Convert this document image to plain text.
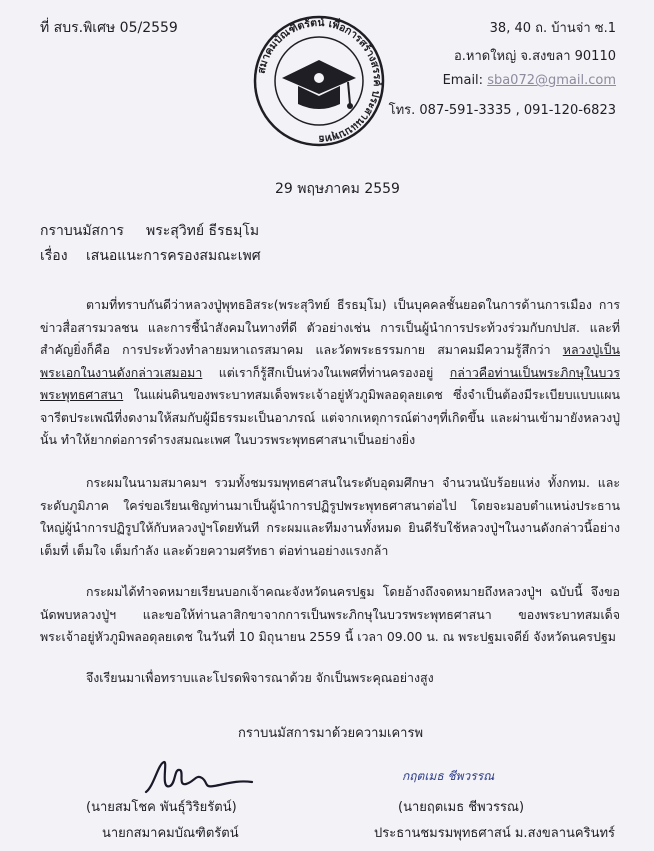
ที่ สบร.พิเศษ 05/2559
สมาคมบัณฑิตรัตน์ เพื่อการสร้างสรรค์ ประสานแบบพุทธ
38, 40 ถ. บ้านจ่า ซ.1
อ.หาดใหญ่ จ.สงขลา 90110
Email: sba072@gmail.com
โทร. 087-591-3335 , 091-120-6823
29 พฤษภาคม 2559
กราบนมัสการ พระสุวิทย์ ธีรธมฺโม
เรื่อง เสนอแนะการครองสมณะเพศ
ตามที่ทราบกันดีว่าหลวงปู่พุทธอิสระ(พระสุวิทย์ ธีรธมฺโม) เป็นบุคคลชั้นยอดในการด้านการเมือง การข่าวสื่อสารมวลชน และการชี้นำสังคมในทางที่ดี ตัวอย่างเช่น การเป็นผู้นำการประท้วงร่วมกับกปปส. และที่สำคัญยิ่งก็คือ การประท้วงทำลายมหาเถรสมาคม และวัดพระธรรมกาย สมาคมมีความรู้สึกว่า หลวงปู่เป็นพระเอกในงานดังกล่าวเสมอมา แต่เราก็รู้สึกเป็นห่วงในเพศที่ท่านครองอยู่ กล่าวคือท่านเป็นพระภิกษุในบวรพระพุทธศาสนา ในแผ่นดินของพระบาทสมเด็จพระเจ้าอยู่หัวภูมิพลอดุลยเดช ซึ่งจำเป็นต้องมีระเบียบแบบแผน จารีตประเพณีที่งดงามให้สมกับผู้มีธรรมะเป็นอาภรณ์ แต่จากเหตุการณ์ต่างๆที่เกิดขึ้น และผ่านเข้ามายังหลวงปู่นั้น ทำให้ยากต่อการดำรงสมณะเพศ ในบวรพระพุทธศาสนาเป็นอย่างยิ่ง
กระผมในนามสมาคมฯ รวมทั้งชมรมพุทธศาสนในระดับอุดมศึกษา จำนวนนับร้อยแห่ง ทั้งกทม. และระดับภูมิภาค ใคร่ขอเรียนเชิญท่านมาเป็นผู้นำการปฏิรูปพระพุทธศาสนาต่อไป โดยจะมอบตำแหน่งประธานใหญ่ผู้นำการปฏิรูปให้กับหลวงปู่ฯโดยทันที กระผมและทีมงานทั้งหมด ยินดีรับใช้หลวงปู่ฯในงานดังกล่าวนี้อย่างเต็มที่ เต็มใจ เต็มกำลัง และด้วยความศรัทธา ต่อท่านอย่างแรงกล้า
กระผมได้ทำจดหมายเรียนบอกเจ้าคณะจังหวัดนครปฐม โดยอ้างถึงจดหมายถึงหลวงปู่ฯ ฉบับนี้ จึงขอนัดพบหลวงปู่ฯ และขอให้ท่านลาสิกขาจากการเป็นพระภิกษุในบวรพระพุทธศาสนา ของพระบาทสมเด็จพระเจ้าอยู่หัวภูมิพลอดุลยเดช ในวันที่ 10 มิถุนายน 2559 นี้ เวลา 09.00 น. ณ พระปฐมเจดีย์ จังหวัดนครปฐม
จึงเรียนมาเพื่อทราบและโปรดพิจารณาด้วย จักเป็นพระคุณอย่างสูง
กราบนมัสการมาด้วยความเคารพ
กฤตเมธ ชีพวรรณ
(นายสมโชค พันธุ์วิริยรัตน์)	(นายฤตเมธ ชีพวรรณ)
นายกสมาคมบัณฑิตรัตน์	ประธานชมรมพุทธศาสน์ ม.สงขลานครินทร์
